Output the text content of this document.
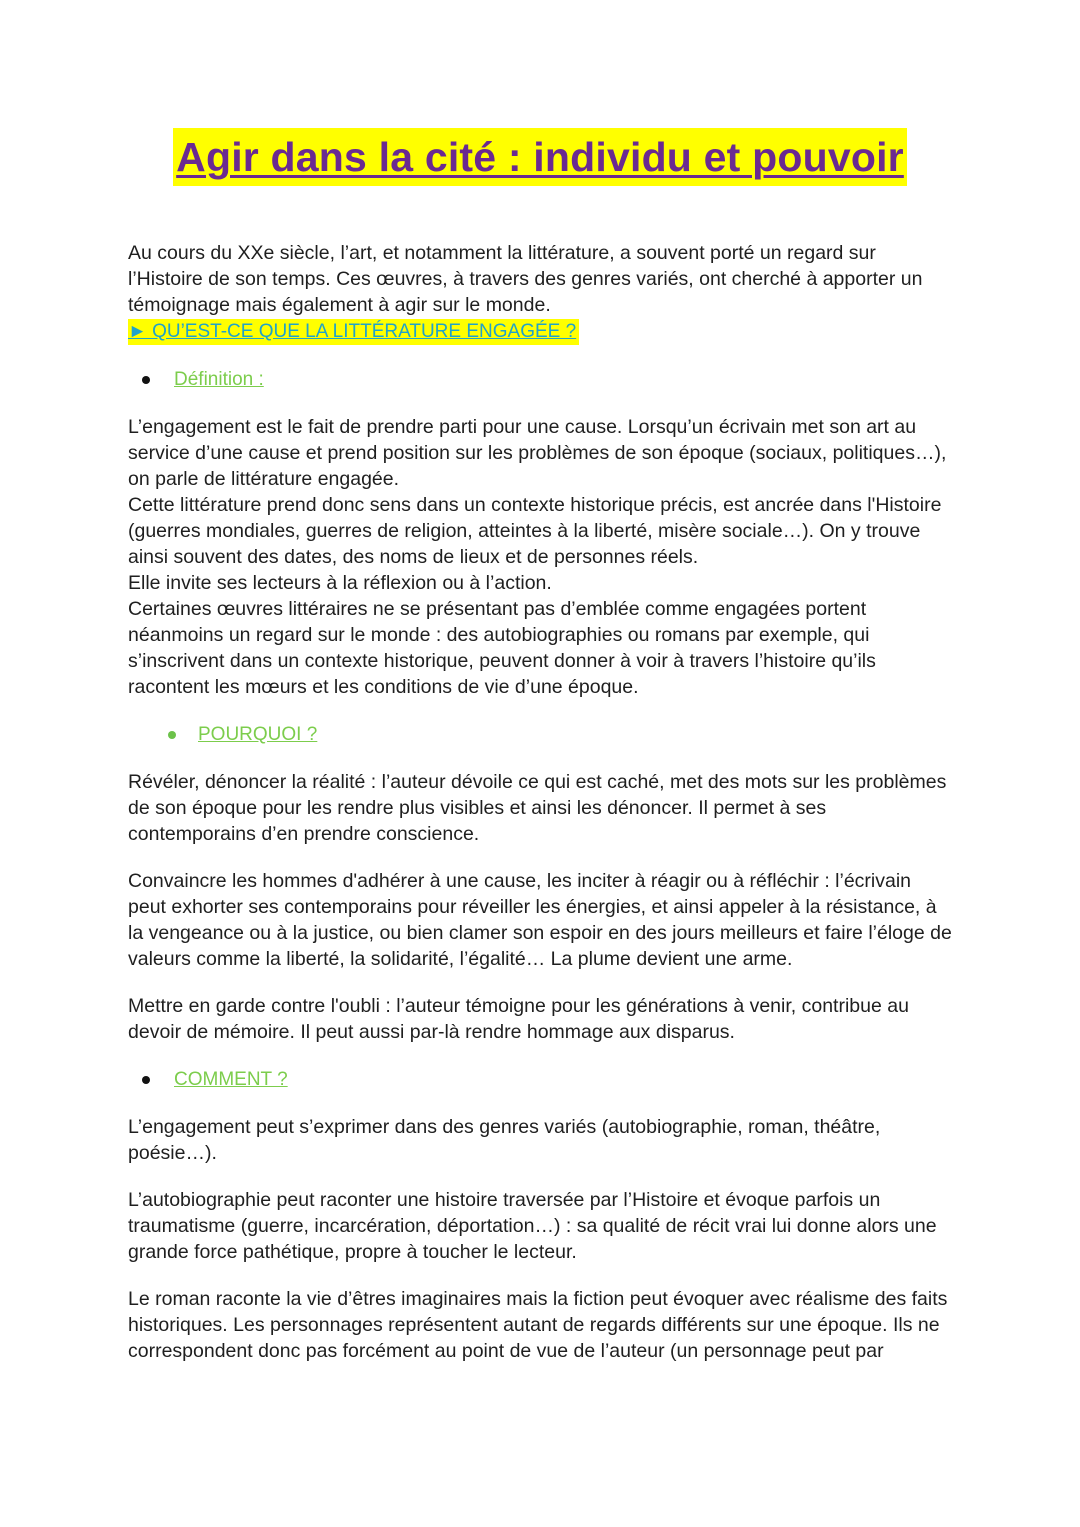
Agir dans la cité : individu et pouvoir

Au cours du XXe siècle, l’art, et notamment la littérature, a souvent porté un regard sur
l’Histoire de son temps. Ces œuvres, à travers des genres variés, ont cherché à apporter un
témoignage mais également à agir sur le monde.

► QU’EST-CE QUE LA LITTÉRATURE ENGAGÉE ?
Définition :

L’engagement est le fait de prendre parti pour une cause. Lorsqu’un écrivain met son art au
service d’une cause et prend position sur les problèmes de son époque (sociaux, politiques…),
on parle de littérature engagée.
Cette littérature prend donc sens dans un contexte historique précis, est ancrée dans l'Histoire
(guerres mondiales, guerres de religion, atteintes à la liberté, misère sociale…). On y trouve
ainsi souvent des dates, des noms de lieux et de personnes réels.
Elle invite ses lecteurs à la réflexion ou à l’action.
Certaines œuvres littéraires ne se présentant pas d’emblée comme engagées portent
néanmoins un regard sur le monde : des autobiographies ou romans par exemple, qui
s’inscrivent dans un contexte historique, peuvent donner à voir à travers l’histoire qu’ils
racontent les mœurs et les conditions de vie d’une époque.

POURQUOI ?

Révéler, dénoncer la réalité : l’auteur dévoile ce qui est caché, met des mots sur les problèmes
de son époque pour les rendre plus visibles et ainsi les dénoncer. Il permet à ses
contemporains d’en prendre conscience.

Convaincre les hommes d'adhérer à une cause, les inciter à réagir ou à réfléchir : l’écrivain
peut exhorter ses contemporains pour réveiller les énergies, et ainsi appeler à la résistance, à
la vengeance ou à la justice, ou bien clamer son espoir en des jours meilleurs et faire l’éloge de
valeurs comme la liberté, la solidarité, l’égalité… La plume devient une arme.

Mettre en garde contre l'oubli : l’auteur témoigne pour les générations à venir, contribue au
devoir de mémoire. Il peut aussi par-là rendre hommage aux disparus.

COMMENT ?

L’engagement peut s’exprimer dans des genres variés (autobiographie, roman, théâtre,
poésie…).

L’autobiographie peut raconter une histoire traversée par l’Histoire et évoque parfois un
traumatisme (guerre, incarcération, déportation…) : sa qualité de récit vrai lui donne alors une
grande force pathétique, propre à toucher le lecteur.

Le roman raconte la vie d’êtres imaginaires mais la fiction peut évoquer avec réalisme des faits
historiques. Les personnages représentent autant de regards différents sur une époque. Ils ne
correspondent donc pas forcément au point de vue de l’auteur (un personnage peut par
